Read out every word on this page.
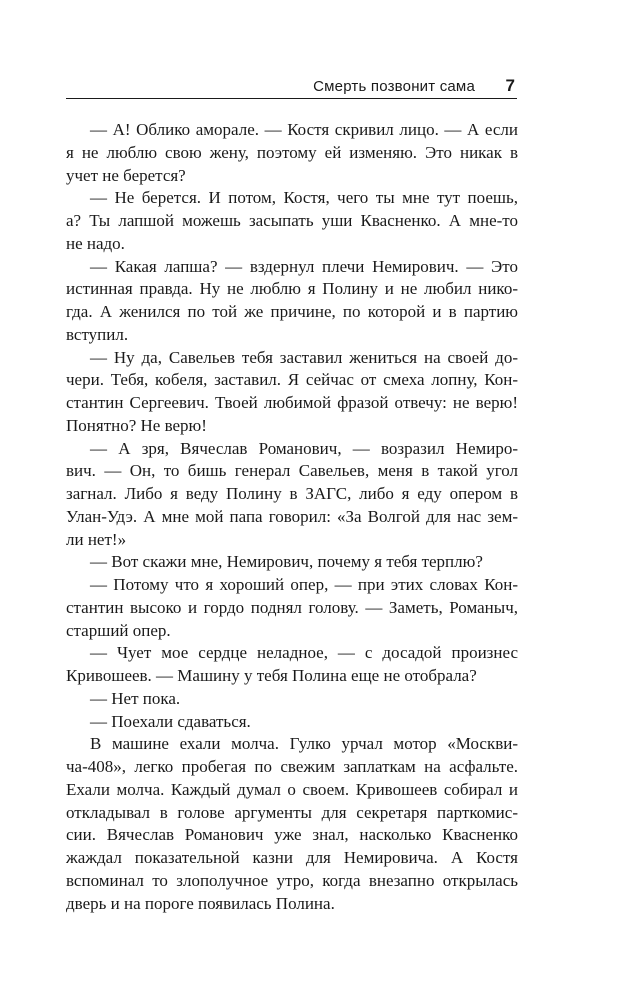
Смерть позвонит сама 7
— А! Облико аморале. — Костя скривил лицо. — А если
я не люблю свою жену, поэтому ей изменяю. Это никак в
учет не берется?
— Не берется. И потом, Костя, чего ты мне тут поешь,
а? Ты лапшой можешь засыпать уши Квасненко. А мне-то
не надо.
— Какая лапша? — вздернул плечи Немирович. — Это
истинная правда. Ну не люблю я Полину и не любил нико-
гда. А женился по той же причине, по которой и в партию
вступил.
— Ну да, Савельев тебя заставил жениться на своей до-
чери. Тебя, кобеля, заставил. Я сейчас от смеха лопну, Кон-
стантин Сергеевич. Твоей любимой фразой отвечу: не верю!
Понятно? Не верю!
— А зря, Вячеслав Романович, — возразил Немиро-
вич. — Он, то бишь генерал Савельев, меня в такой угол
загнал. Либо я веду Полину в ЗАГС, либо я еду опером в
Улан-Удэ. А мне мой папа говорил: «За Волгой для нас зем-
ли нет!»
— Вот скажи мне, Немирович, почему я тебя терплю?
— Потому что я хороший опер, — при этих словах Кон-
стантин высоко и гордо поднял голову. — Заметь, Романыч,
старший опер.
— Чует мое сердце неладное, — с досадой произнес
Кривошеев. — Машину у тебя Полина еще не отобрала?
— Нет пока.
— Поехали сдаваться.
В машине ехали молча. Гулко урчал мотор «Москви-
ча-408», легко пробегая по свежим заплаткам на асфальте.
Ехали молча. Каждый думал о своем. Кривошеев собирал и
откладывал в голове аргументы для секретаря парткомис-
сии. Вячеслав Романович уже знал, насколько Квасненко
жаждал показательной казни для Немировича. А Костя
вспоминал то злополучное утро, когда внезапно открылась
дверь и на пороге появилась Полина.
